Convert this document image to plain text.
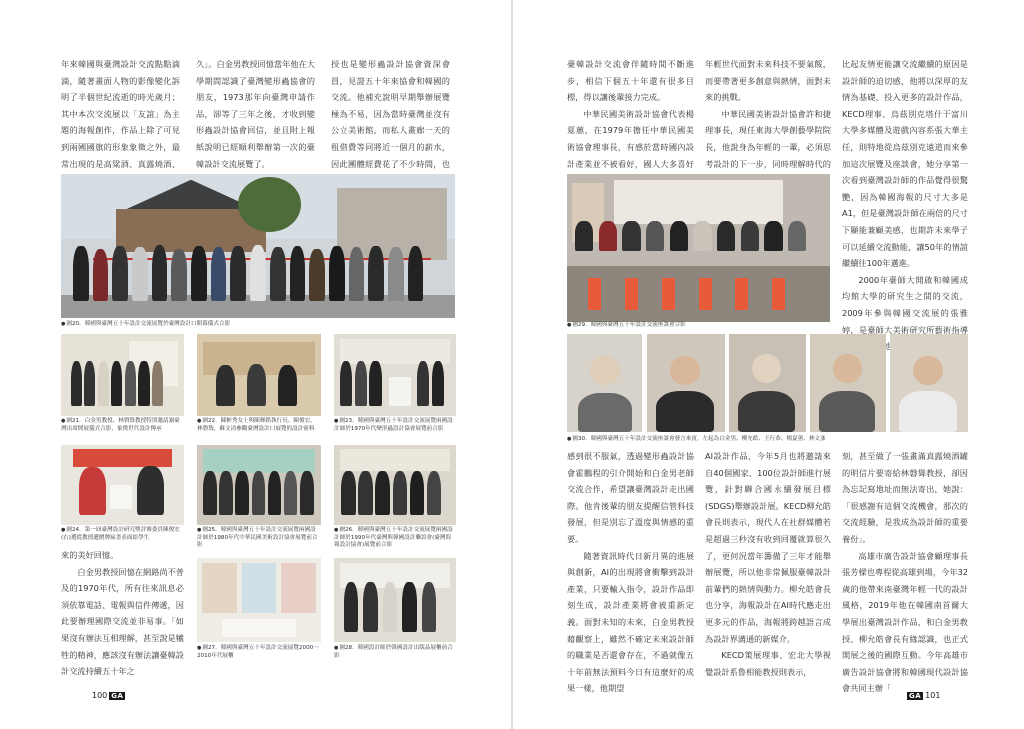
年來韓國與臺灣設計交流點點滴滴，隨著畫面人物的影像變化訴明了半個世紀流逝的時光歲月；其中本次交流展以「友誼」為主題的海報創作，作品上除了可見到兩國國旗的形象象徵之外，最常出現的是高粱酒、真露燒酒、

久」。白金男教授回憶當年他在大學期間認識了臺灣變形蟲協會的朋友，1973那年向臺灣申請作品，卻等了三年之後，才收到變形蟲設計協會回信，並且附上報紙說明已經順利舉辦第一次的臺韓設計交流展覽了。

授也是變形蟲設計協會資深會員，見證五十年來協會和韓國的交流。他補充說明早期舉辦展覽極為不易，因為當時臺灣並沒有公立美術館，而私人畫廊一天的租借費等同將近一個月的薪水，因此團體經費花了不少時間，也

● 圖20．韓國與臺灣五十年設計交流展覽於臺灣設計口開幕儀式合影
● 圖21．白金男教授、林磐聳教授特別邀請謝臺灣出席開展儀式合影，象徵世代設計傳承
● 圖22．陳彬秀女士與陳輝銘執行長、陳俊宏、林磐聳，蘇文清參觀臺灣設計口展覽的設計密料
● 圖23．韓國與臺灣五十年設計交流展覽兩國設計師於1970年代變形蟲設計協會展覽前合影
● 圖24．第一屆臺灣設計研究獎評審委員陳俊宏(右)選從教授遞贈牌匾書表面給學生
● 圖25．韓國與臺灣五十年設計交流展覽兩國設計師於1980年代中華民國美術設計協會展覽前合影
● 圖26．韓國與臺灣五十年設計交流展覽兩國設計師於1990年代臺灣與韓國設計聯誼會(臺灣海報設計協會)展覽前合影

來的美好回憶。

白金男教授回憶在網路尚不普及的1970年代，所有往來訊息必須依靠電話、電報與信件傳遞，因此要辦理國際交流並非易事。「如果沒有辦法互相理解，甚至說是犧牲的精神，應該沒有辦法讓臺韓設計交流持續五十年之

● 圖27．韓國與臺灣五十年設計交流展覽2000～2010年代展櫃
● 圖28．韓國設計師於韓國設計出版品展櫃前合影
100 GA

臺韓設計交流會伴隨時間不斷進步，相信下個五十年還有很多目標，得以讓後輩接力完成。

中華民國美術設計協會代表楊夏蕙，在1979年擔任中華民國美術協會理事長，有感於當時國內設計產業並不被看好，國人大多喜好

年輕世代面對未來科技不要氣餒，而要帶著更多創意與熱情，面對未來的挑戰。

中華民國美術設計協會許和捷理事長，現任東海大學創藝學院院長，他說身為年輕的一輩，必須思考設計的下一步，同時理解時代的

比起友情更能讓交流繼續的原因是設計師的迫切感，他將以深厚的友情為基礎，投入更多的設計作品，KECD理事、烏茲別克塔什干富川大學多媒體及遊戲內容系張大華主任，則特地從烏茲別克遠道而來參加這次展覽及座談會，她分享第一次看到臺灣設計師的作品覺得很驚艷，因為韓國海報的尺寸大多是A1，但是臺灣設計師在兩倍的尺寸下顯能兼顧美感，也期許未來學子可以延續交流動能，讓50年的情誼繼續往100年邁進。

2000年臺師大開啟和韓國成均館大學的研究生之間的交流，2009年參與韓國交流展的張雅婷，是臺師大美術研究所藝術指導 她

● 圖29．韓國與臺灣五十年設計交流座談會合影
● 圖30．韓國與臺灣五十年設計交流座談會發言來賓，左起為白金男、柳允皓、王行恭、楊夏蕙、林文彥

感到很不服氣，透過變形蟲設計協會霍鵬程的引介開始和白金男老師交流合作，希望讓臺灣設計走出國際。他肯後輩的朋友提醒信管科技發展，但是別忘了溫度與情感的重要。

隨著資訊時代日新月異的進展與創新，AI的出現將會衝擊到設計產業，只要輸入指令，設計作品即刻生成，設計產業將會被重新定義。面對未知的未來，白金男教授藉觀察上，雖然不確定未來設計師的職業是否還會存在，不過就像五十年前無法預料今日有這麼好的成果一樣，他期望

AI設計作品，今年5月也將邀請來自40個國家、100位設計師進行展覽，針對聯合國永續發展目標(SDGS)舉辦設計展。KECD柳允皓會長則表示，現代人在社群媒體若是超過三秒沒有收到回覆就算很久了，更何況當年籌備了三年才能舉辦展覽，所以他非常佩服臺韓設計前輩們的熱情與動力。柳允皓會長也分享，海報設計在AI時代應走出更多元的作品，海報將跨越語言成為設計界溝通的新媒介。

KECD策展理事、宏北大學視覺設計系鲁相能教授則表示，

刻，甚至做了一張畫滿真露燒酒罐的明信片要寄給林磐聳教授，卻因為忘記寫地址而無法寄出，她說：「很感謝有這個交流機會，那次的交流經驗，是我成為設計師的重要養份」。

高雄市廣告設計協會顧理事長張芳樑也專程從高雄到場，今年32歲的他帶來南臺灣年輕一代的設計風格，2019年他在韓國南首爾大學展出臺灣設計作品，和白金男教授、柳允皓會長有緣認識，也正式開展之後的國際互動。今年高雄市廣告設計協會將和韓國現代設計協會共同主辦「

GA 101
